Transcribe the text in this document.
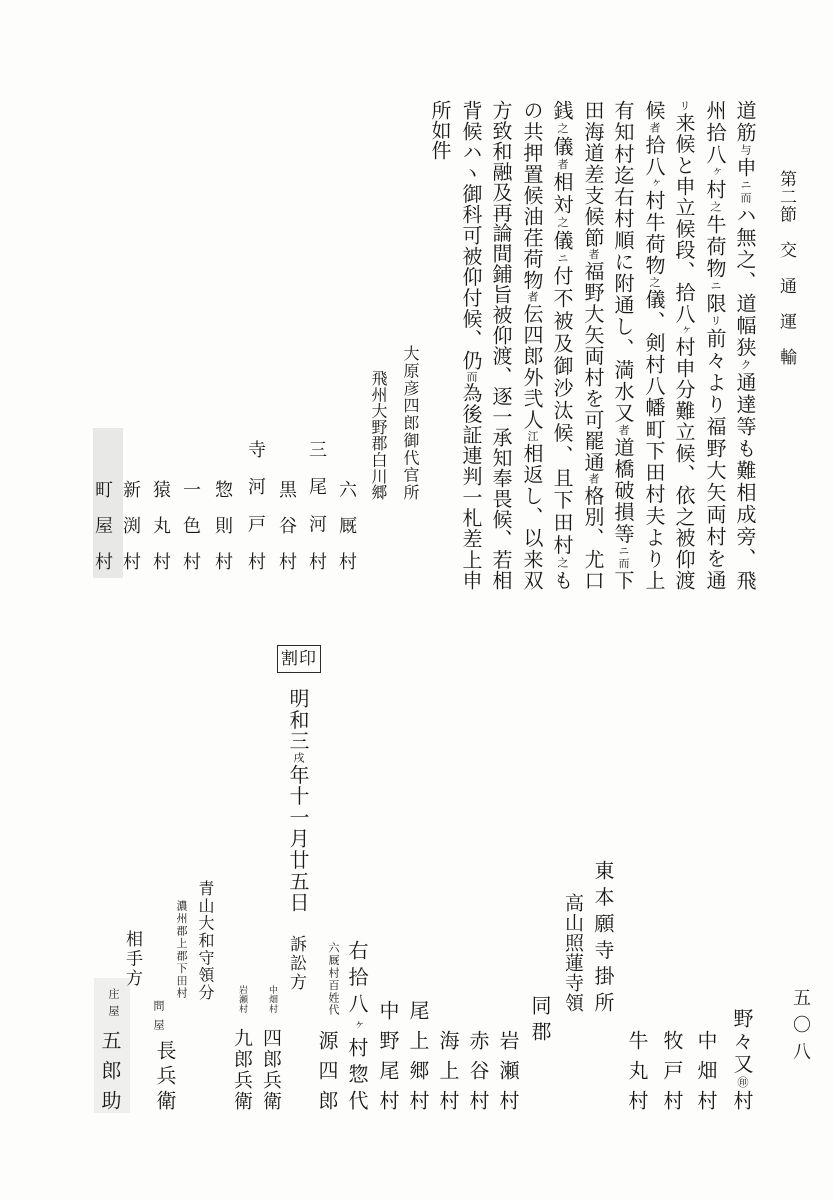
第二節　交　通　運　輸
道筋与申ニ而ハ無之、道幅狭ク通達等も難相成旁、飛
州拾八ヶ村之牛荷物ニ限リ前々より福野大矢両村を通
リ来候と申立候段、拾八ヶ村申分難立候、依之被仰渡
候者拾八ヶ村牛荷物之儀、剣村八幡町下田村夫より上
有知村迄右村順に附通し、満水又者道橋破損等ニ而下
田海道差支候節者福野大矢両村を可罷通者格別、尤口
銭之儀者相対之儀ニ付不被及御沙汰候、且下田村之も
の共押置候油荏荷物者伝四郎外弐人江相返し、以来双
方致和融及再論間鋪旨被仰渡、逐一承知奉畏候、若相
背候ハヽ御科可被仰付候、仍而為後証連判一札差上申
所如件
大原彦四郎御代官所
飛州大野郡白川郷
六厩村
三尾河村
黒谷村
寺河戸村
惣則村
一色村
猿丸村
新渕村
町屋村
割印
明和三戌年十一月廿五日
五〇八
野々又㊞村
中畑村
牧戸村
牛丸村
東本願寺掛所
高山照蓮寺領
同郡
岩瀬村
赤谷村
海上村
尾上郷村
中野尾村
右拾八ヶ村惣代
六厩村百姓代
源四郎
訴訟方
中畑村
四郎兵衛
岩瀬村
九郎兵衛
青山大和守領分
濃州郡上郡下田村
問屋
長兵衛
相手方
庄屋
五郎助
